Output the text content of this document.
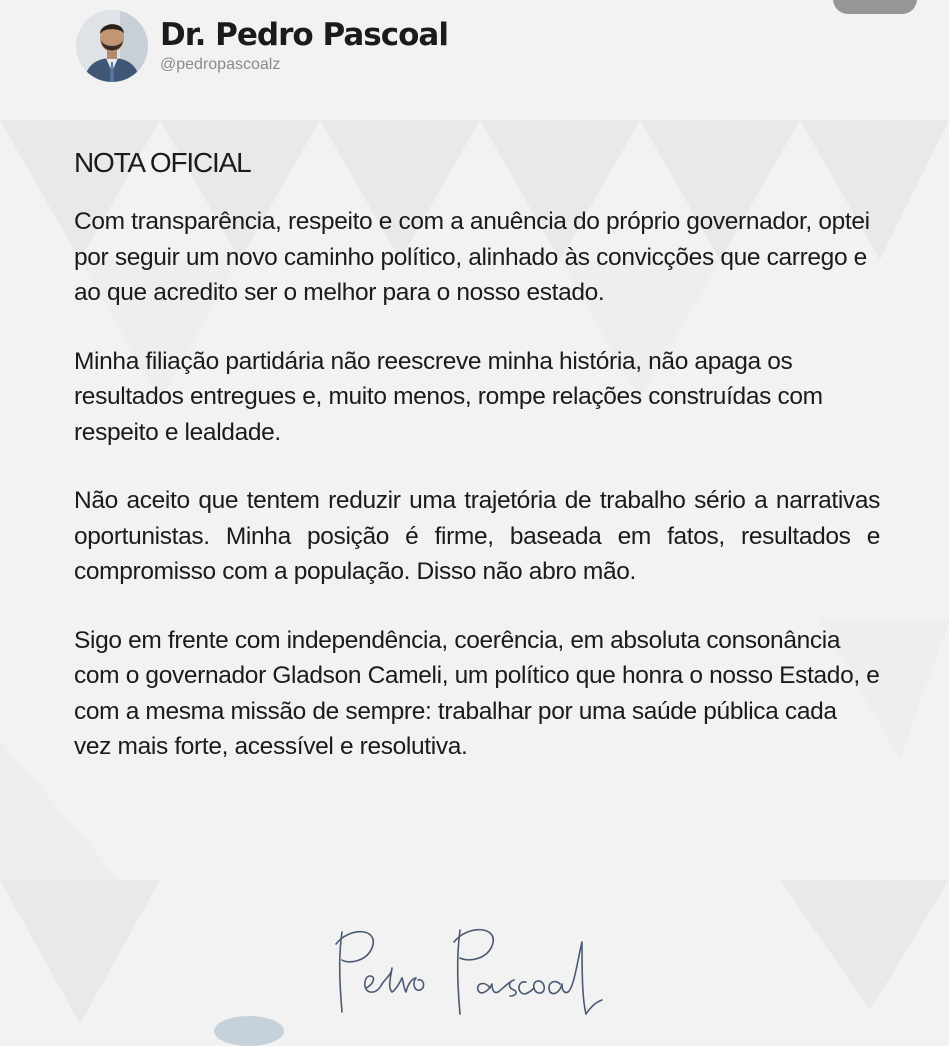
Dr. Pedro Pascoal
@pedropascoalz
NOTA OFICIAL

Com transparência, respeito e com a anuência do próprio governador, optei por seguir um novo caminho político, alinhado às convicções que carrego e ao que acredito ser o melhor para o nosso estado.

Minha filiação partidária não reescreve minha história, não apaga os resultados entregues e, muito menos, rompe relações construídas com respeito e lealdade.

Não aceito que tentem reduzir uma trajetória de trabalho sério a narrativas oportunistas. Minha posição é firme, baseada em fatos, resultados e compromisso com a população. Disso não abro mão.

Sigo em frente com independência, coerência, em absoluta consonância com o governador Gladson Cameli, um político que honra o nosso Estado, e com a mesma missão de sempre: trabalhar por uma saúde pública cada vez mais forte, acessível e resolutiva.
